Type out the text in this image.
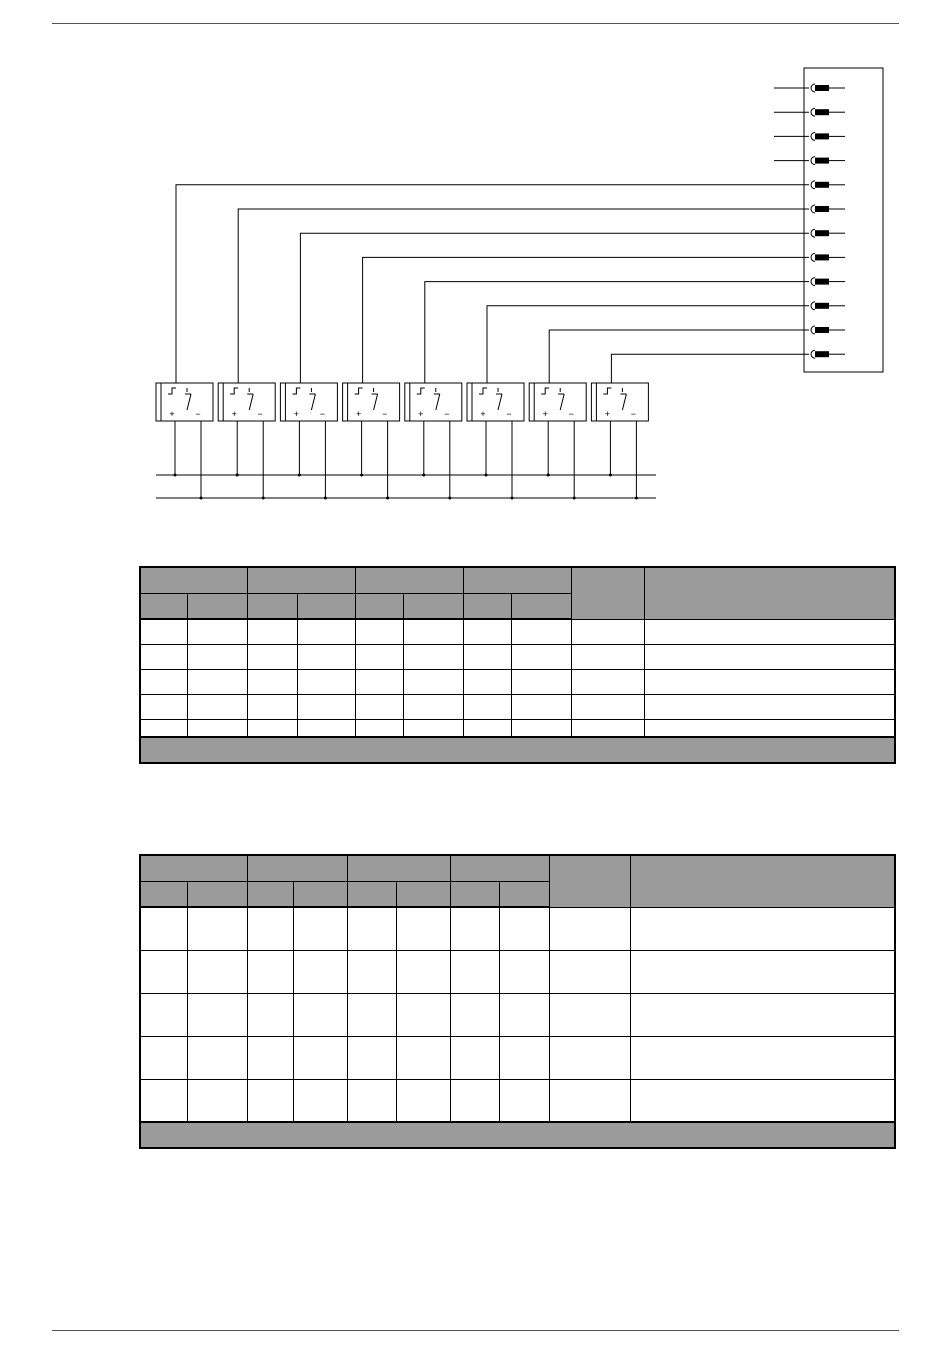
+ −	+ −	+ −	+ −	+ −	+ −	+ −	+ −
